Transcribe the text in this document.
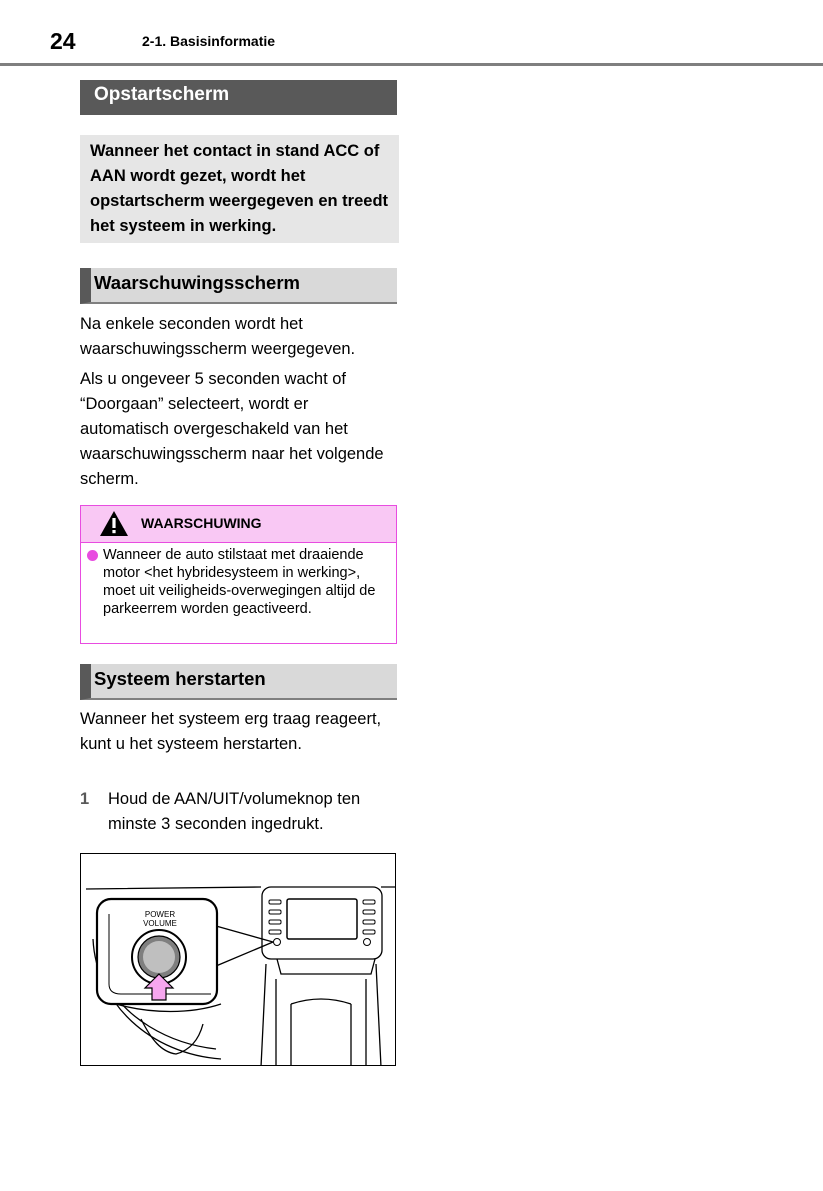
24	2-1. Basisinformatie
Opstartscherm
Wanneer het contact in stand ACC of AAN wordt gezet, wordt het opstartscherm weergegeven en treedt het systeem in werking.
Waarschuwingsscherm

Na enkele seconden wordt het waarschuwingsscherm weergegeven.

Als u ongeveer 5 seconden wacht of “Doorgaan” selecteert, wordt er automatisch overgeschakeld van het waarschuwingsscherm naar het volgende scherm.

WAARSCHUWING
Wanneer de auto stilstaat met draaiende motor <het hybridesysteem in werking>, moet uit veiligheids-overwegingen altijd de parkeerrem worden geactiveerd.
Systeem herstarten

Wanneer het systeem erg traag reageert, kunt u het systeem herstarten.

1 Houd de AAN/UIT/volumeknop ten minste 3 seconden ingedrukt.
POWER
VOLUME
